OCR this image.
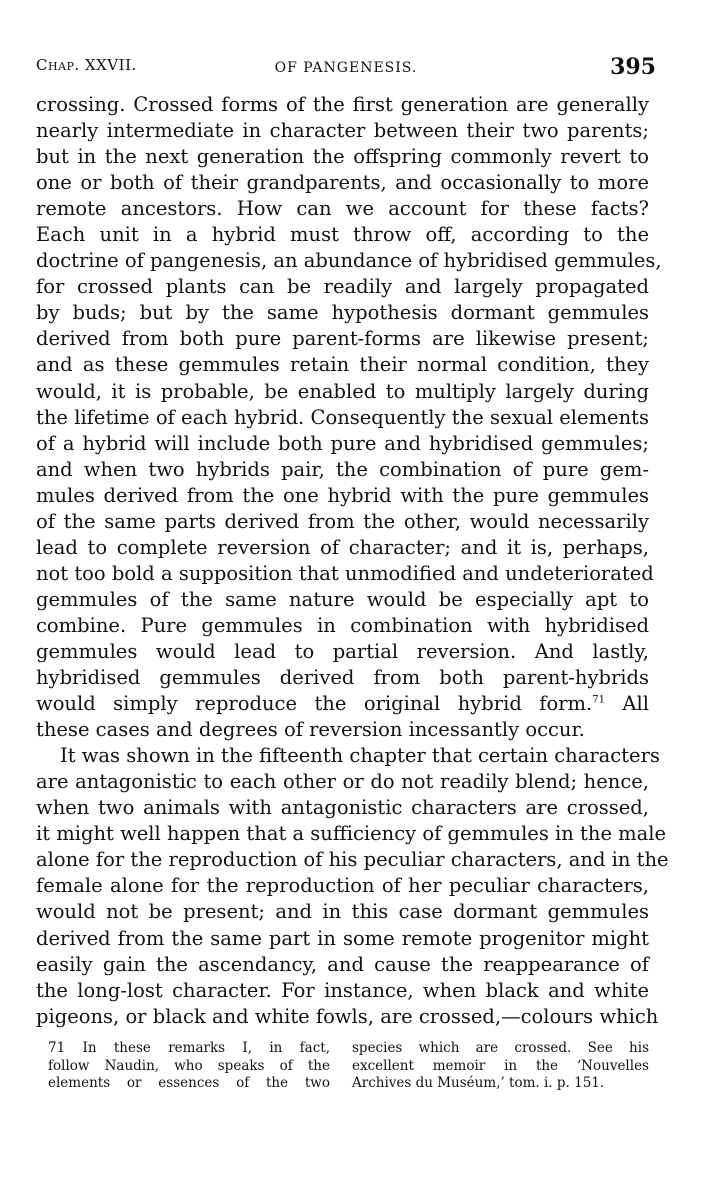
Chap. XXVII.	OF PANGENESIS.	395
crossing. Crossed forms of the first generation are generally
nearly intermediate in character between their two parents;
but in the next generation the offspring commonly revert to
one or both of their grandparents, and occasionally to more
remote ancestors. How can we account for these facts?
Each unit in a hybrid must throw off, according to the
doctrine of pangenesis, an abundance of hybridised gemmules,
for crossed plants can be readily and largely propagated
by buds; but by the same hypothesis dormant gemmules
derived from both pure parent-forms are likewise present;
and as these gemmules retain their normal condition, they
would, it is probable, be enabled to multiply largely during
the lifetime of each hybrid. Consequently the sexual elements
of a hybrid will include both pure and hybridised gemmules;
and when two hybrids pair, the combination of pure gem-
mules derived from the one hybrid with the pure gemmules
of the same parts derived from the other, would necessarily
lead to complete reversion of character; and it is, perhaps,
not too bold a supposition that unmodified and undeteriorated
gemmules of the same nature would be especially apt to
combine. Pure gemmules in combination with hybridised
gemmules would lead to partial reversion. And lastly,
hybridised gemmules derived from both parent-hybrids
would simply reproduce the original hybrid form.$^{71}$ All
these cases and degrees of reversion incessantly occur.
It was shown in the fifteenth chapter that certain characters
are antagonistic to each other or do not readily blend; hence,
when two animals with antagonistic characters are crossed,
it might well happen that a sufficiency of gemmules in the male
alone for the reproduction of his peculiar characters, and in the
female alone for the reproduction of her peculiar characters,
would not be present; and in this case dormant gemmules
derived from the same part in some remote progenitor might
easily gain the ascendancy, and cause the reappearance of
the long-lost character. For instance, when black and white
pigeons, or black and white fowls, are crossed,—colours which
71 In these remarks I, in fact,
follow Naudin, who speaks of the
elements or essences of the two
species which are crossed. See his
excellent memoir in the ‘Nouvelles
Archives du Muséum,’ tom. i. p. 151.
